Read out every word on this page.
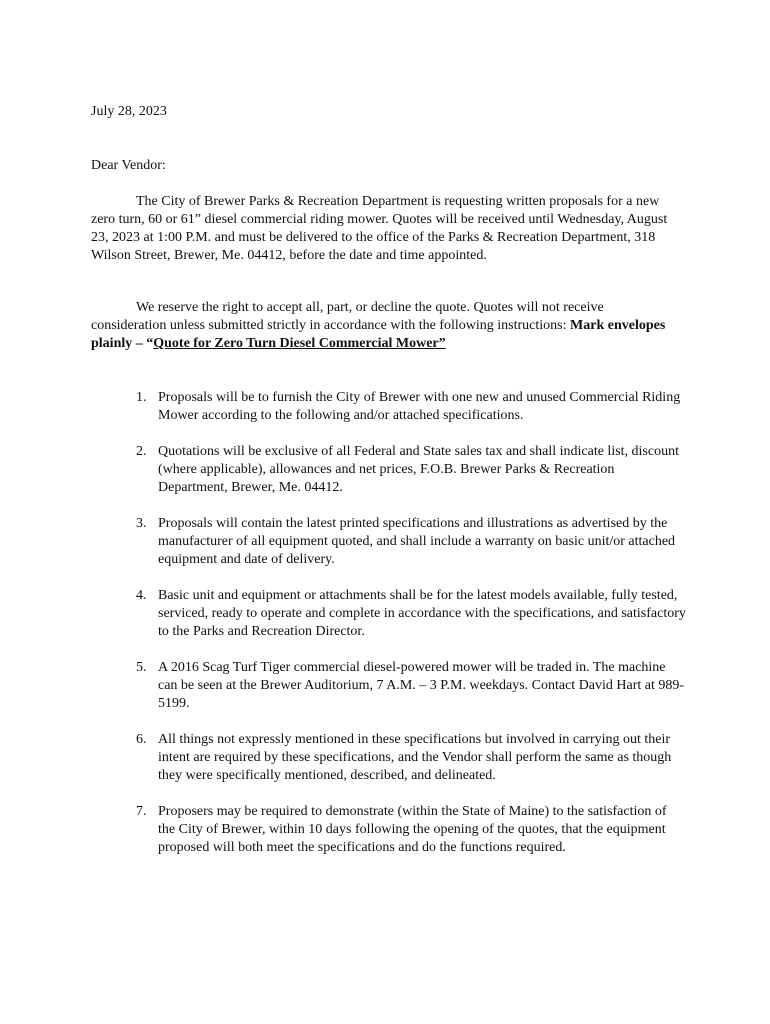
July 28, 2023
Dear Vendor:

The City of Brewer Parks & Recreation Department is requesting written proposals for a new zero turn, 60 or 61” diesel commercial riding mower. Quotes will be received until Wednesday, August 23, 2023 at 1:00 P.M. and must be delivered to the office of the Parks & Recreation Department, 318 Wilson Street, Brewer, Me. 04412, before the date and time appointed.

We reserve the right to accept all, part, or decline the quote. Quotes will not receive consideration unless submitted strictly in accordance with the following instructions: Mark envelopes plainly – “Quote for Zero Turn Diesel Commercial Mower”

1. Proposals will be to furnish the City of Brewer with one new and unused Commercial Riding Mower according to the following and/or attached specifications.
2. Quotations will be exclusive of all Federal and State sales tax and shall indicate list, discount (where applicable), allowances and net prices, F.O.B. Brewer Parks & Recreation Department, Brewer, Me. 04412.
3. Proposals will contain the latest printed specifications and illustrations as advertised by the manufacturer of all equipment quoted, and shall include a warranty on basic unit/or attached equipment and date of delivery.
4. Basic unit and equipment or attachments shall be for the latest models available, fully tested, serviced, ready to operate and complete in accordance with the specifications, and satisfactory to the Parks and Recreation Director.
5. A 2016 Scag Turf Tiger commercial diesel-powered mower will be traded in. The machine can be seen at the Brewer Auditorium, 7 A.M. – 3 P.M. weekdays. Contact David Hart at 989-5199.
6. All things not expressly mentioned in these specifications but involved in carrying out their intent are required by these specifications, and the Vendor shall perform the same as though they were specifically mentioned, described, and delineated.
7. Proposers may be required to demonstrate (within the State of Maine) to the satisfaction of the City of Brewer, within 10 days following the opening of the quotes, that the equipment proposed will both meet the specifications and do the functions required.
